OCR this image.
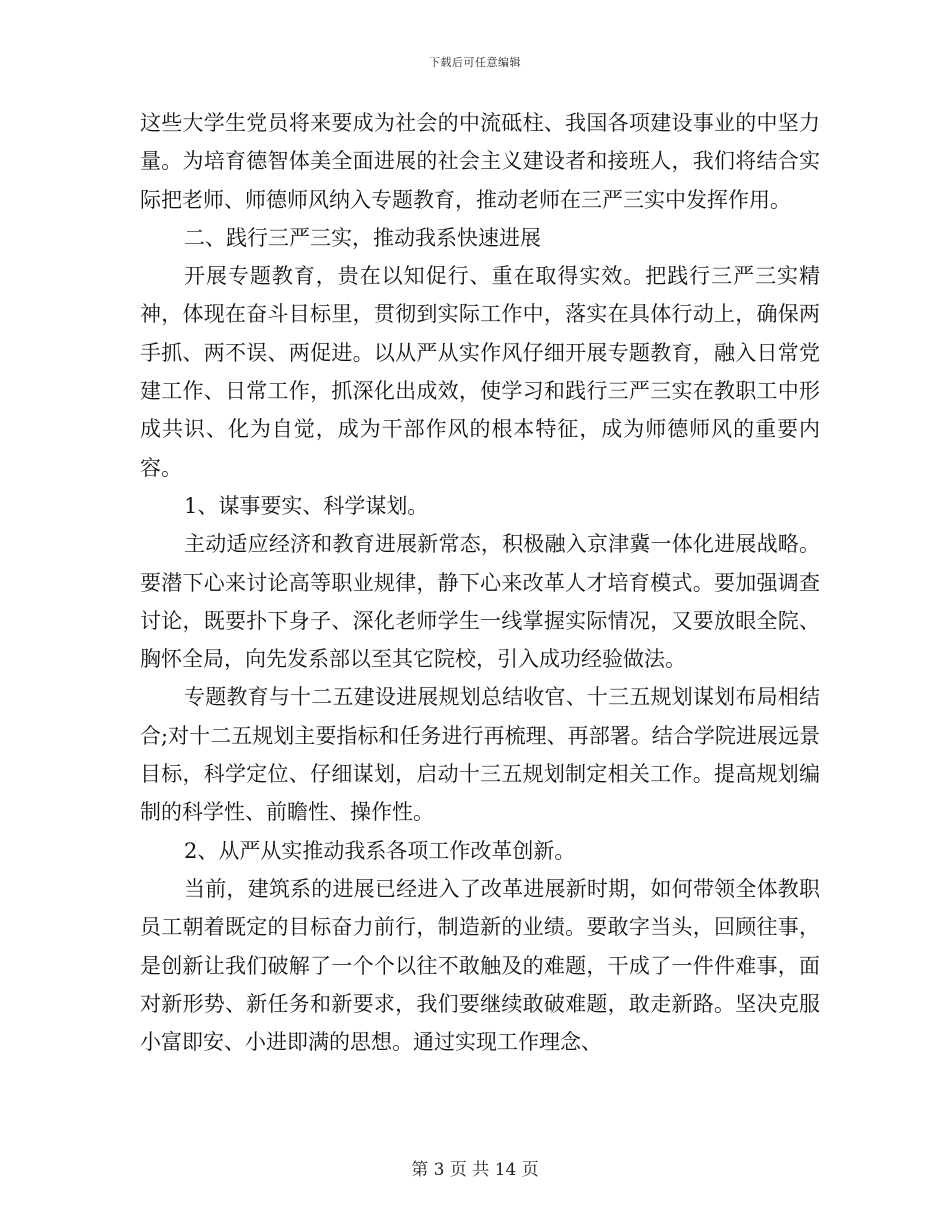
下载后可任意编辑

这些大学生党员将来要成为社会的中流砥柱、我国各项建设事业的中坚力量。为培育德智体美全面进展的社会主义建设者和接班人，我们将结合实际把老师、师德师风纳入专题教育，推动老师在三严三实中发挥作用。

二、践行三严三实，推动我系快速进展

开展专题教育，贵在以知促行、重在取得实效。把践行三严三实精神，体现在奋斗目标里，贯彻到实际工作中，落实在具体行动上，确保两手抓、两不误、两促进。以从严从实作风仔细开展专题教育，融入日常党建工作、日常工作，抓深化出成效，使学习和践行三严三实在教职工中形成共识、化为自觉，成为干部作风的根本特征，成为师德师风的重要内容。

1、谋事要实、科学谋划。

主动适应经济和教育进展新常态，积极融入京津冀一体化进展战略。要潜下心来讨论高等职业规律，静下心来改革人才培育模式。要加强调查讨论，既要扑下身子、深化老师学生一线掌握实际情况，又要放眼全院、胸怀全局，向先发系部以至其它院校，引入成功经验做法。

专题教育与十二五建设进展规划总结收官、十三五规划谋划布局相结合;对十二五规划主要指标和任务进行再梳理、再部署。结合学院进展远景目标，科学定位、仔细谋划，启动十三五规划制定相关工作。提高规划编制的科学性、前瞻性、操作性。

2、从严从实推动我系各项工作改革创新。

当前，建筑系的进展已经进入了改革进展新时期，如何带领全体教职员工朝着既定的目标奋力前行，制造新的业绩。要敢字当头，回顾往事，是创新让我们破解了一个个以往不敢触及的难题，干成了一件件难事，面对新形势、新任务和新要求，我们要继续敢破难题，敢走新路。坚决克服小富即安、小进即满的思想。通过实现工作理念、

第 3 页 共 14 页
